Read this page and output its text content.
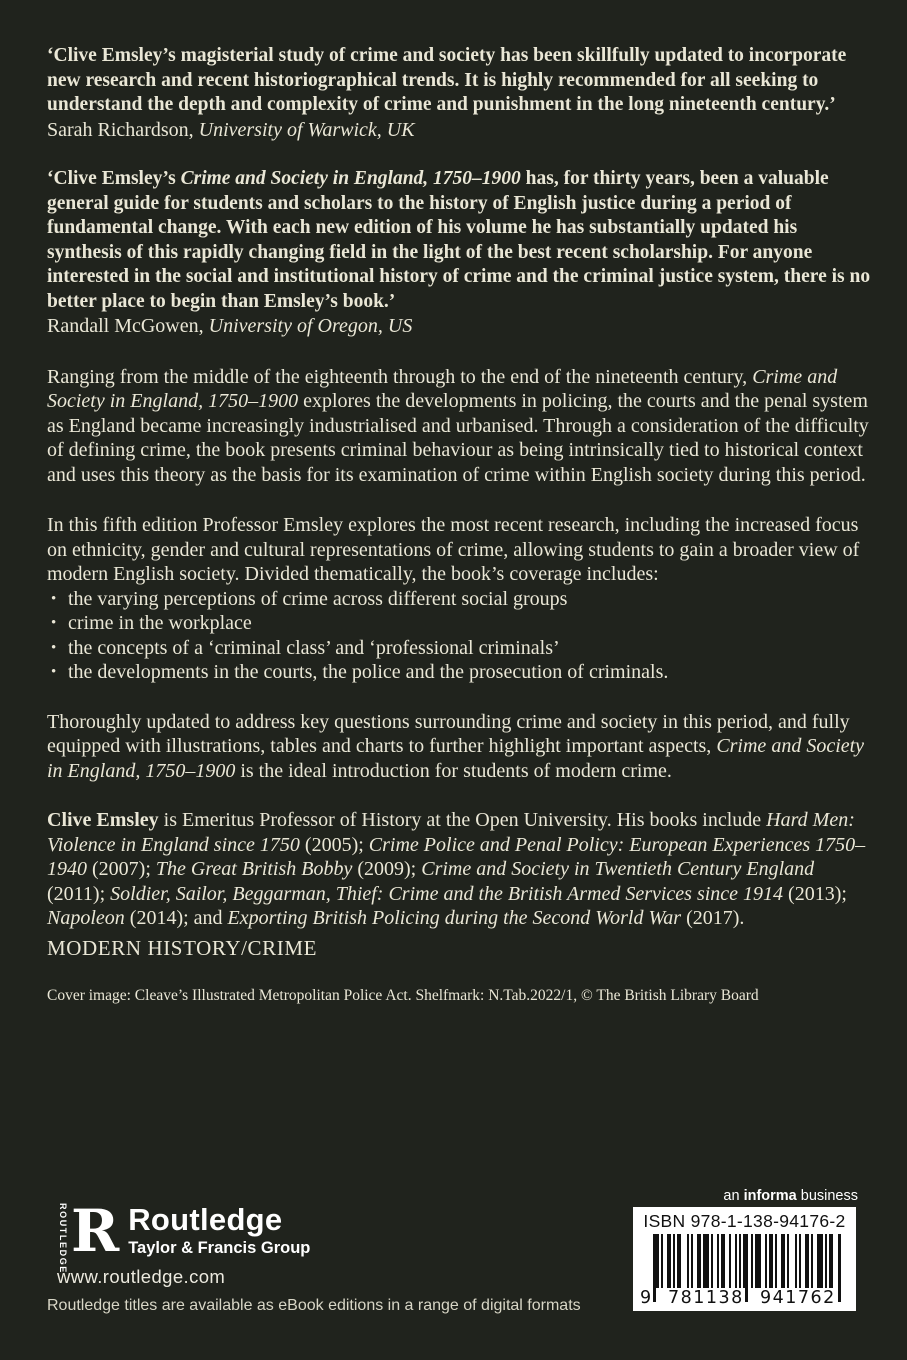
‘Clive Emsley’s magisterial study of crime and society has been skillfully updated to incorporate new research and recent historiographical trends. It is highly recommended for all seeking to understand the depth and complexity of crime and punishment in the long nineteenth century.’
Sarah Richardson, University of Warwick, UK
‘Clive Emsley’s Crime and Society in England, 1750–1900 has, for thirty years, been a valuable general guide for students and scholars to the history of English justice during a period of fundamental change. With each new edition of his volume he has substantially updated his synthesis of this rapidly changing field in the light of the best recent scholarship. For anyone interested in the social and institutional history of crime and the criminal justice system, there is no better place to begin than Emsley’s book.’
Randall McGowen, University of Oregon, US

Ranging from the middle of the eighteenth through to the end of the nineteenth century, Crime and Society in England, 1750–1900 explores the developments in policing, the courts and the penal system as England became increasingly industrialised and urbanised. Through a consideration of the difficulty of defining crime, the book presents criminal behaviour as being intrinsically tied to historical context and uses this theory as the basis for its examination of crime within English society during this period.

In this fifth edition Professor Emsley explores the most recent research, including the increased focus on ethnicity, gender and cultural representations of crime, allowing students to gain a broader view of modern English society. Divided thematically, the book’s coverage includes:

• the varying perceptions of crime across different social groups
• crime in the workplace
• the concepts of a ‘criminal class’ and ‘professional criminals’
• the developments in the courts, the police and the prosecution of criminals.

Thoroughly updated to address key questions surrounding crime and society in this period, and fully equipped with illustrations, tables and charts to further highlight important aspects, Crime and Society in England, 1750–1900 is the ideal introduction for students of modern crime.

Clive Emsley is Emeritus Professor of History at the Open University. His books include Hard Men: Violence in England since 1750 (2005); Crime Police and Penal Policy: European Experiences 1750–1940 (2007); The Great British Bobby (2009); Crime and Society in Twentieth Century England (2011); Soldier, Sailor, Beggarman, Thief: Crime and the British Armed Services since 1914 (2013); Napoleon (2014); and Exporting British Policing during the Second World War (2017).

MODERN HISTORY/CRIME

Cover image: Cleave’s Illustrated Metropolitan Police Act. Shelfmark: N.Tab.2022/1, © The British Library Board

ROUTLEDGE R Routledge
Taylor & Francis Group
www.routledge.com
Routledge titles are available as eBook editions in a range of digital formats
an informa business
ISBN 978-1-138-94176-2
9 781138 941762
